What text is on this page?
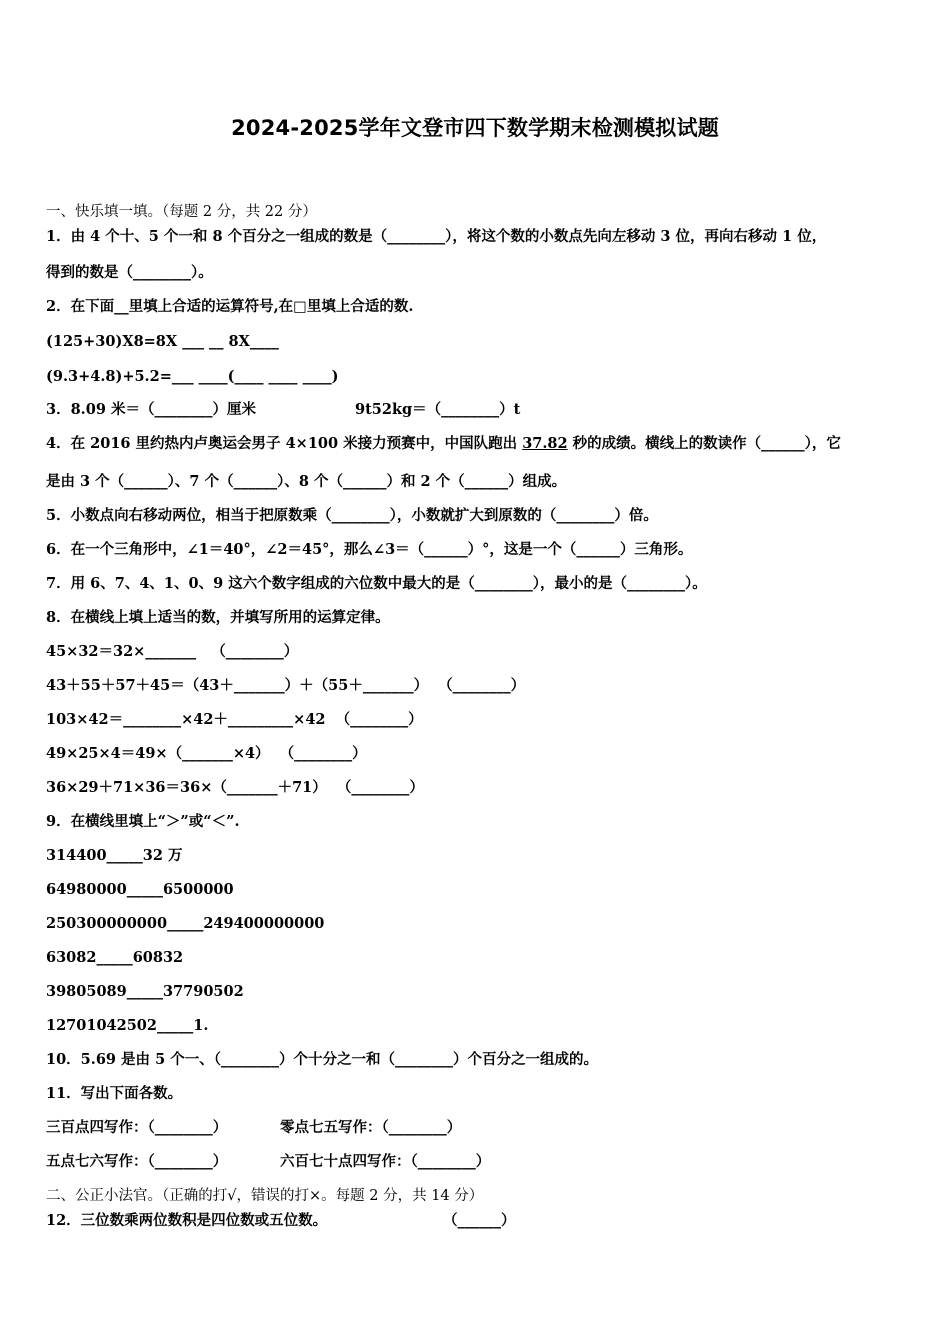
2024-2025学年文登市四下数学期末检测模拟试题
一、快乐填一填。（每题 2 分，共 22 分）
1．由 4 个十、5 个一和 8 个百分之一组成的数是（________），将这个数的小数点先向左移动 3 位，再向右移动 1 位，
得到的数是（________）。
2．在下面__里填上合适的运算符号,在□里填上合适的数.
(125+30)X8=8X ___ __ 8X____
(9.3+4.8)+5.2=___ ____(____ ____ ____)
3．8.09 米＝（________）厘米	9t52kg＝（________）t
4．在 2016 里约热内卢奥运会男子 4×100 米接力预赛中，中国队跑出 37.82 秒的成绩。横线上的数读作（______），它
是由 3 个（______）、7 个（______）、8 个（______）和 2 个（______）组成。
5．小数点向右移动两位，相当于把原数乘（________），小数就扩大到原数的（________）倍。
6．在一个三角形中，∠1＝40°，∠2＝45°，那么∠3＝（______）°，这是一个（______）三角形。
7．用 6、7、4、1、0、9 这六个数字组成的六位数中最大的是（________），最小的是（________）。
8．在横线上填上适当的数，并填写所用的运算定律。
45×32＝32×_______   （________）
43＋55＋57＋45＝（43＋_______）＋（55＋_______）  （________）
103×42＝________×42＋_________×42  （________）
49×25×4＝49×（_______×4）  （________）
36×29＋71×36＝36×（_______＋71）  （________）
9．在横线里填上“＞”或“＜”.
314400_____32 万
64980000_____6500000
250300000000_____249400000000
63082_____60832
39805089_____37790502
12701042502_____1.
10．5.69 是由 5 个一、（________）个十分之一和（________）个百分之一组成的。
11．写出下面各数。
三百点四写作：（________）	零点七五写作：（________）
五点七六写作：（________）	六百七十点四写作：（________）
二、公正小法官。（正确的打√，错误的打×。每题 2 分，共 14 分）
12．三位数乘两位数积是四位数或五位数。	（______）
